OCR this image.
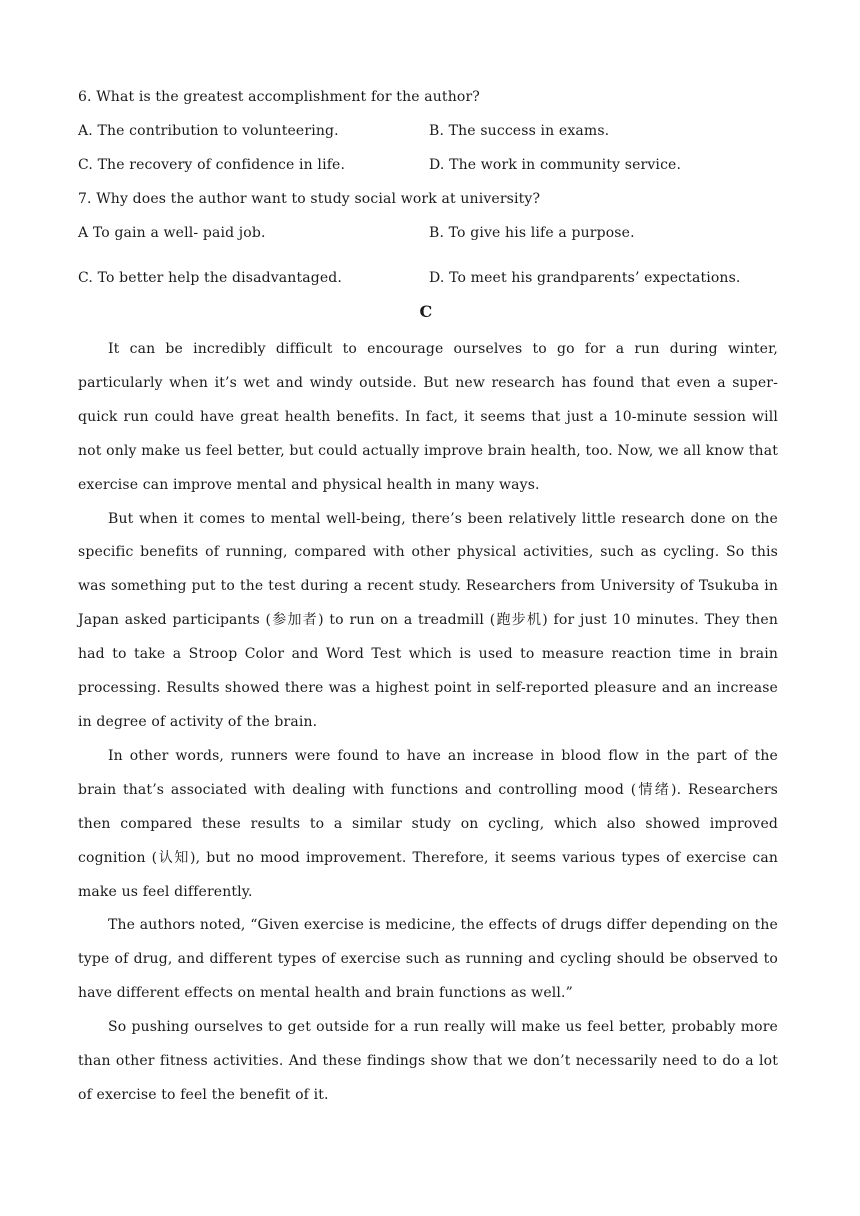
6. What is the greatest accomplishment for the author?
A. The contribution to volunteering.	B. The success in exams.
C. The recovery of confidence in life.	D. The work in community service.
7. Why does the author want to study social work at university?
A To gain a well- paid job.	B. To give his life a purpose.
C. To better help the disadvantaged.	D. To meet his grandparents’ expectations.
C

It can be incredibly difficult to encourage ourselves to go for a run during winter, particularly when it’s wet and windy outside. But new research has found that even a super-quick run could have great health benefits. In fact, it seems that just a 10-minute session will not only make us feel better, but could actually improve brain health, too. Now, we all know that exercise can improve mental and physical health in many ways.

But when it comes to mental well-being, there’s been relatively little research done on the specific benefits of running, compared with other physical activities, such as cycling. So this was something put to the test during a recent study. Researchers from University of Tsukuba in Japan asked participants (参加者) to run on a treadmill (跑步机) for just 10 minutes. They then had to take a Stroop Color and Word Test which is used to measure reaction time in brain processing. Results showed there was a highest point in self-reported pleasure and an increase in degree of activity of the brain.

In other words, runners were found to have an increase in blood flow in the part of the brain that’s associated with dealing with functions and controlling mood (情绪). Researchers then compared these results to a similar study on cycling, which also showed improved cognition (认知), but no mood improvement. Therefore, it seems various types of exercise can make us feel differently.

The authors noted, “Given exercise is medicine, the effects of drugs differ depending on the type of drug, and different types of exercise such as running and cycling should be observed to have different effects on mental health and brain functions as well.”

So pushing ourselves to get outside for a run really will make us feel better, probably more than other fitness activities. And these findings show that we don’t necessarily need to do a lot of exercise to feel the benefit of it.
